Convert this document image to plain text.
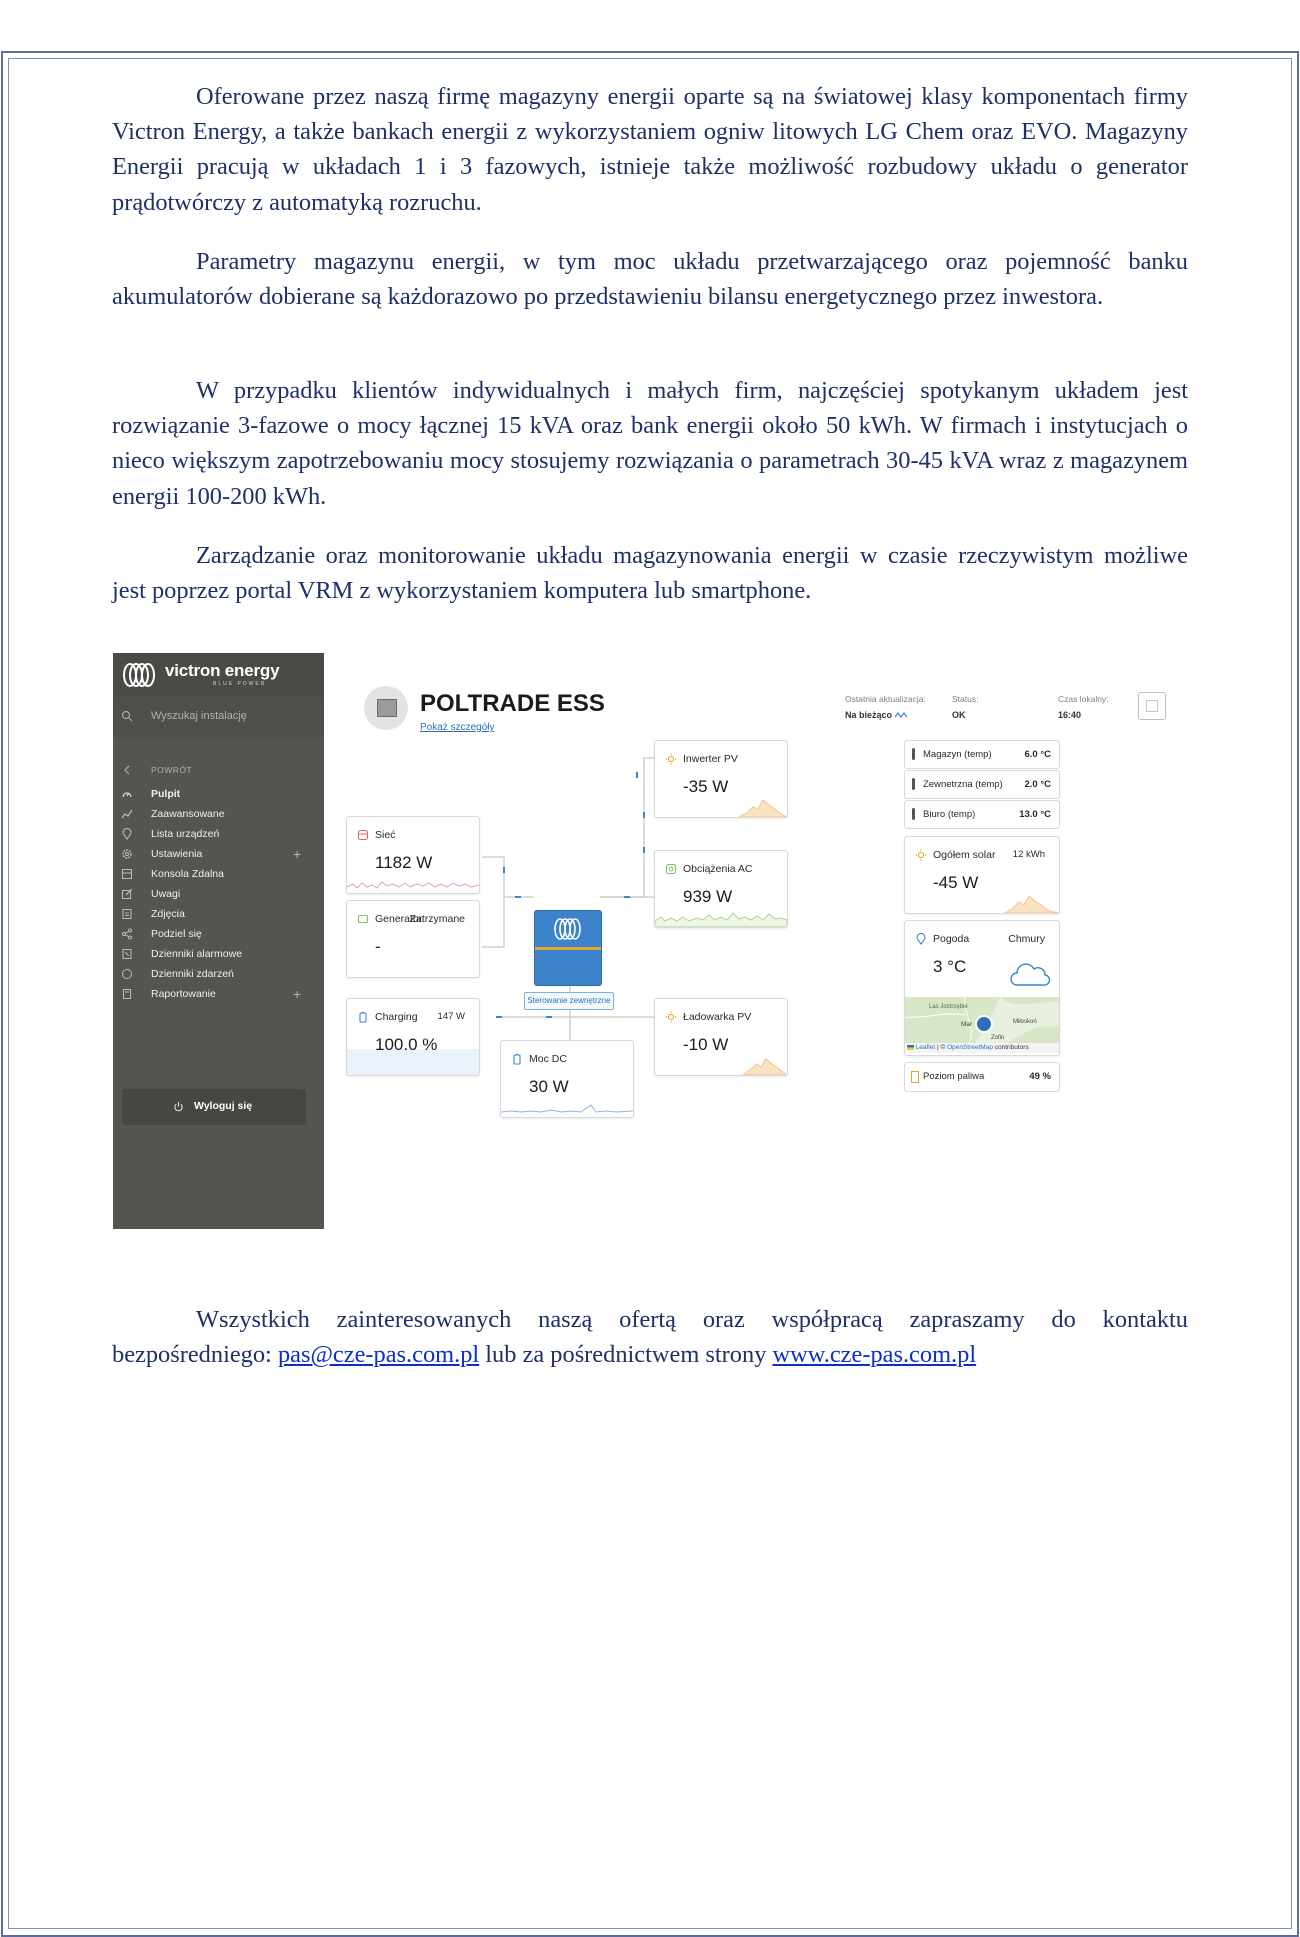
Oferowane przez naszą firmę magazyny energii oparte są na światowej klasy komponentach firmy Victron Energy, a także bankach energii z wykorzystaniem ogniw litowych LG Chem oraz EVO. Magazyny Energii pracują w układach 1 i 3 fazowych, istnieje także możliwość rozbudowy układu o generator prądotwórczy z automatyką rozruchu.

Parametry magazynu energii, w tym moc układu przetwarzającego oraz pojemność banku akumulatorów dobierane są każdorazowo po przedstawieniu bilansu energetycznego przez inwestora.

W przypadku klientów indywidualnych i małych firm, najczęściej spotykanym układem jest rozwiązanie 3-fazowe o mocy łącznej 15 kVA oraz bank energii około 50 kWh. W firmach i instytucjach o nieco większym zapotrzebowaniu mocy stosujemy rozwiązania o parametrach 30-45 kVA wraz z magazynem energii 100-200 kWh.

Zarządzanie oraz monitorowanie układu magazynowania energii w czasie rzeczywistym możliwe jest poprzez portal VRM z wykorzystaniem komputera lub smartphone.

victron energy
BLUE POWER
Wyszukaj instalację
POWRÓT
Pulpit
Zaawansowane
Lista urządzeń
Ustawienia	+
Konsola Zdalna
Uwagi
Zdjęcia
Podziel się
Dzienniki alarmowe
Dzienniki zdarzeń
Raportowanie	+
Wyloguj się
POLTRADE ESS
Pokaż szczegóły
Ostatnia aktualizacja:
Na bieżąco
Status:
OK
Czas lokalny:
16:40
Sieć
1182 W
Generator
Zatrzymane
-
Charging 147 W
100.0 %
Sterowanie zewnętrzne
Moc DC
30 W
Inwerter PV
-35 W
Obciążenia AC
939 W
Ładowarka PV
-10 W
Magazyn (temp)	6.0 °C
Zewnetrzna (temp) 2.0 °C
Biuro (temp)	13.0 °C
Ogółem solar 12 kWh
-45 W
Pogoda	Chmury
3 °C
Las Jostrzębie
Mar	Miłoskoń
Zofin
Leaflet | © OpenStreetMap contributors
Poziom paliwa	49 %

Wszystkich zainteresowanych naszą ofertą oraz współpracą zapraszamy do kontaktu bezpośredniego: pas@cze-pas.com.pl lub za pośrednictwem strony www.cze-pas.com.pl
